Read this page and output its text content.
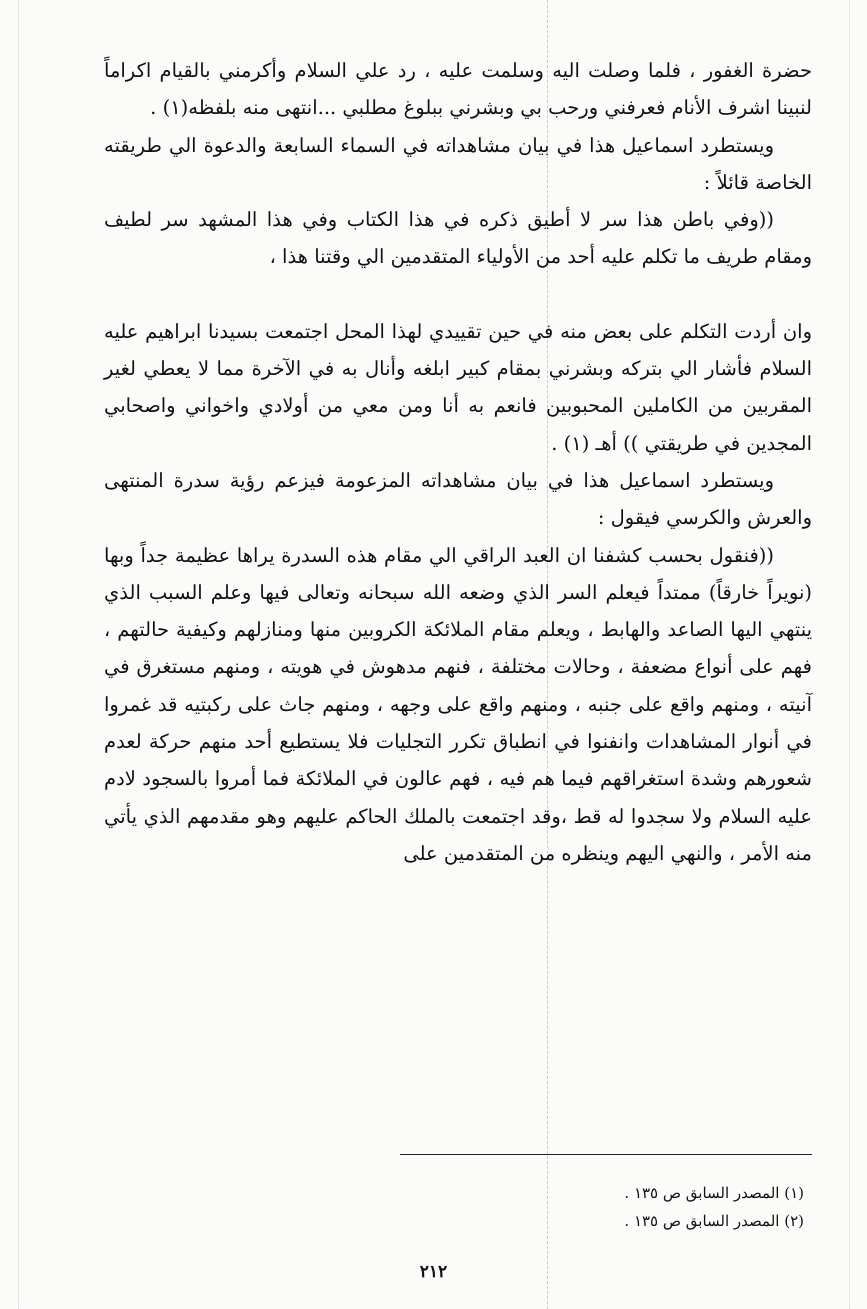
حضرة الغفور ، فلما وصلت اليه وسلمت عليه ، رد علي السلام وأكرمني بالقيام اكراماً لنبينا اشرف الأنام فعرفني ورحب بي وبشرني ببلوغ مطلبي ...انتهى منه بلفظه(١) .

ويستطرد اسماعيل هذا في بيان مشاهداته في السماء السابعة والدعوة الي طريقته الخاصة قائلاً :

((وفي باطن هذا سر لا أطيق ذكره في هذا الكتاب وفي هذا المشهد سر لطيف ومقام طريف ما تكلم عليه أحد من الأولياء المتقدمين الي وقتنا هذا ،

وان أردت التكلم على بعض منه في حين تقييدي لهذا المحل اجتمعت بسيدنا ابراهيم عليه السلام فأشار الي بتركه وبشرني بمقام كبير ابلغه وأنال به في الآخرة مما لا يعطي لغير المقربين من الكاملين المحبوبين فانعم به أنا ومن معي من أولادي واخواني واصحابي المجدين في طريقتي )) أهـ (١) .

ويستطرد اسماعيل هذا في بيان مشاهداته المزعومة فيزعم رؤية سدرة المنتهى والعرش والكرسي فيقول :

((فنقول بحسب كشفنا ان العبد الراقي الي مقام هذه السدرة يراها عظيمة جداً وبها (نويراً خارقاً) ممتداً فيعلم السر الذي وضعه الله سبحانه وتعالى فيها وعلم السبب الذي ينتهي اليها الصاعد والهابط ، ويعلم مقام الملائكة الكروبين منها ومنازلهم وكيفية حالتهم ، فهم على أنواع مضعفة ، وحالات مختلفة ، فنهم مدهوش في هويته ، ومنهم مستغرق في آنيته ، ومنهم واقع على جنبه ، ومنهم واقع على وجهه ، ومنهم جاث على ركبتيه قد غمروا في أنوار المشاهدات وانفنوا في انطباق تكرر التجليات فلا يستطيع أحد منهم حركة لعدم شعورهم وشدة استغراقهم فيما هم فيه ، فهم عالون في الملائكة فما أمروا بالسجود لادم عليه السلام ولا سجدوا له قط ،وقد اجتمعت بالملك الحاكم عليهم وهو مقدمهم الذي يأتي منه الأمر ، والنهي اليهم وينظره من المتقدمين على

(١) المصدر السابق ص ١٣٥ .

(٢) المصدر السابق ص ١٣٥ .

٢١٢
